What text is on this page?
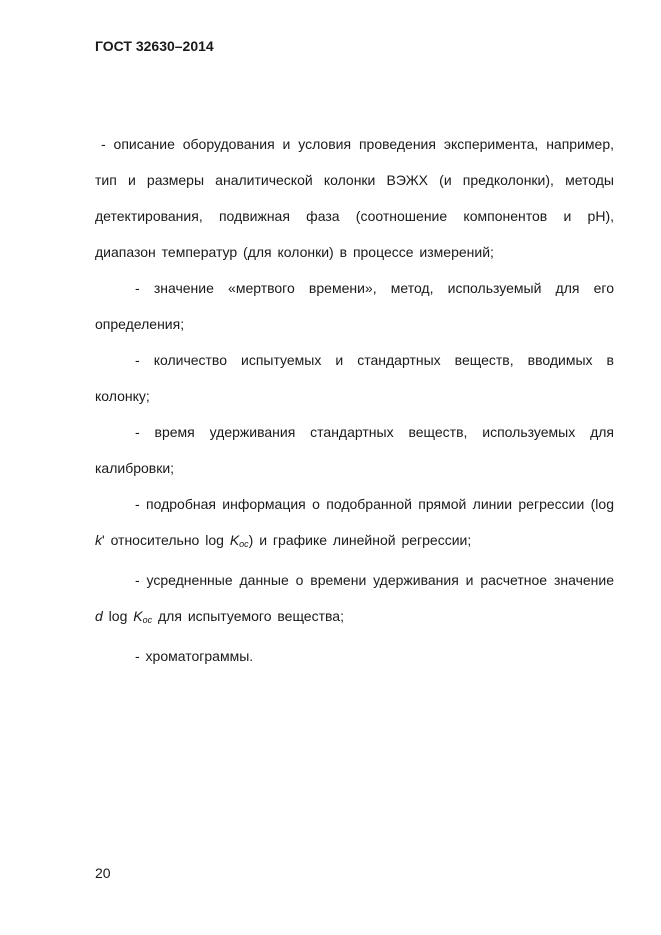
ГОСТ 32630–2014

- описание оборудования и условия проведения эксперимента, например, тип и размеры аналитической колонки ВЭЖХ (и предколонки), методы детектирования, подвижная фаза (соотношение компонентов и рН), диапазон температур (для колонки) в процессе измерений;

- значение «мертвого времени», метод, используемый для его определения;

- количество испытуемых и стандартных веществ, вводимых в колонку;

- время удерживания стандартных веществ, используемых для калибровки;

- подробная информация о подобранной прямой линии регрессии (log k' относительно $\log K_{oc}$) и графике линейной регрессии;

- усредненные данные о времени удерживания и расчетное значение d $\log K_{oc}$ для испытуемого вещества;

- хроматограммы.

20
